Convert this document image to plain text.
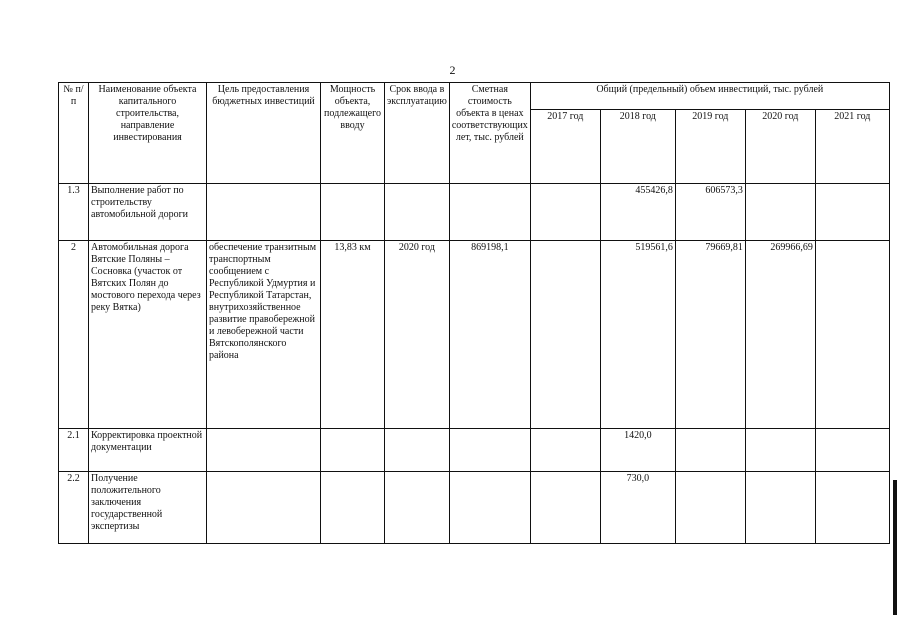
2
№ п/п	Наименование объекта капитального строительства, направление инвестирования	Цель предоставления бюджетных инвестиций	Мощность объекта, подлежащего вводу	Срок ввода в эксплуатацию	Сметная стоимость объекта в ценах соответствующих лет, тыс. рублей	Общий (предельный) объем инвестиций, тыс. рублей				
						2017 год	2018 год	2019 год	2020 год	2021 год
1.3	Выполнение работ по строительству автомобильной дороги						455426,8	606573,3		
2	Автомобильная дорога Вятские Поляны – Сосновка (участок от Вятских Полян до мостового перехода через реку Вятка)	обеспечение транзитным транспортным сообщением с Республикой Удмуртия и Республикой Татарстан, внутрихозяйственное развитие правобережной и левобережной части Вятскополянского района	13,83 км	2020 год	869198,1		519561,6	79669,81	269966,69	
2.1	Корректировка проектной документации						1420,0			
2.2	Получение положительного заключения государственной экспертизы						730,0			
